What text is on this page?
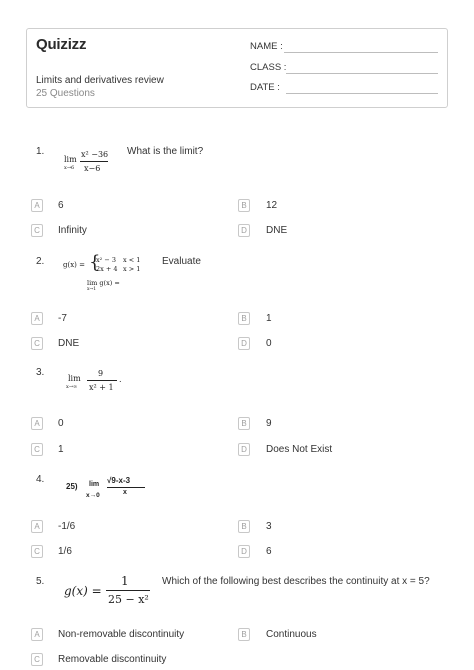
Quizizz
Limits and derivatives review
25 Questions
NAME :
CLASS :
DATE :
1.
lim
x→6
x² −36
x−6
What is the limit?
A	6	B	12
C	Infinity	D	DNE
2.	g(x) = {
x² − 3 x < 1
2x + 4 x > 1
lim g(x) =
x→1
Evaluate
A	-7	B	1
C	DNE	D	0
3.
lim
x→∞
9
x² + 1
.
A	0	B	9
C	1	D	Does Not Exist
4.
25) lim
x→0
√9-x-3
x
A	-1/6	B	3
C	1/6	D	6
5.
g(x) =
1
25 − x²
Which of the following best describes the continuity at x = 5?
A	Non-removable discontinuity	B	Continuous
C	Removable discontinuity
